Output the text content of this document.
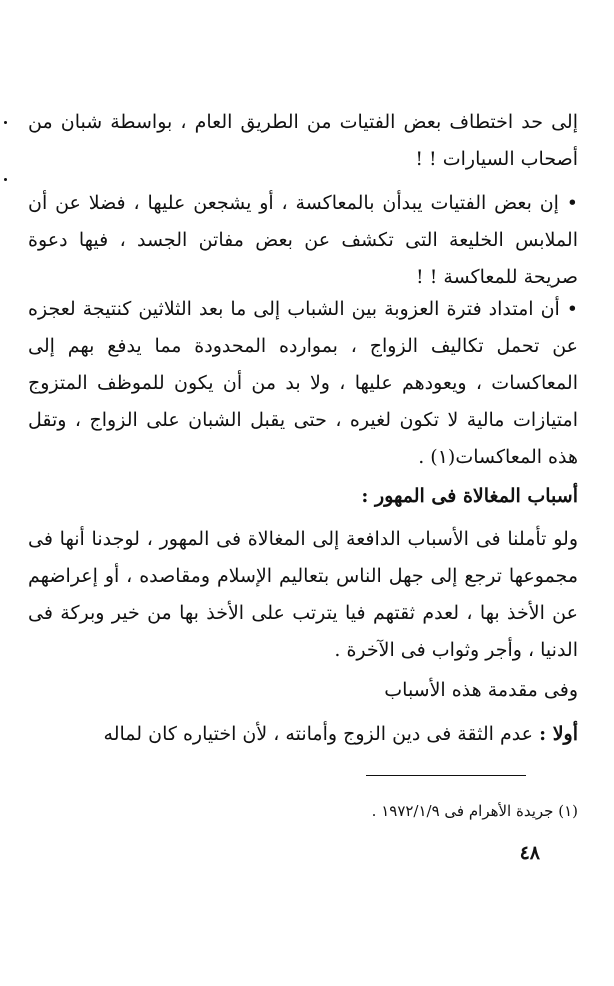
إلى حد اختطاف بعض الفتيات من الطريق العام ، بواسطة شبان من أصحاب السيارات ! !

• إن بعض الفتيات يبدأن بالمعاكسة ، أو يشجعن عليها ، فضلا عن أن الملابس الخليعة التى تكشف عن بعض مفاتن الجسد ، فيها دعوة صريحة للمعاكسة ! !

• أن امتداد فترة العزوبة بين الشباب إلى ما بعد الثلاثين كنتيجة لعجزه عن تحمل تكاليف الزواج ، بموارده المحدودة مما يدفع بهم إلى المعاكسات ، ويعودهم عليها ، ولا بد من أن يكون للموظف المتزوج امتيازات مالية لا تكون لغيره ، حتى يقبل الشبان على الزواج ، وتقل هذه المعاكسات(١) .

أسباب المغالاة فى المهور :

ولو تأملنا فى الأسباب الدافعة إلى المغالاة فى المهور ، لوجدنا أنها فى مجموعها ترجع إلى جهل الناس بتعاليم الإسلام ومقاصده ، أو إعراضهم عن الأخذ بها ، لعدم ثقتهم فيا يترتب على الأخذ بها من خير وبركة فى الدنيا ، وأجر وثواب فى الآخرة .

وفى مقدمة هذه الأسباب

أولا : عدم الثقة فى دين الزوج وأمانته ، لأن اختياره كان لماله

(١) جريدة الأهرام فى ١٩٧٢/١/٩ .
٤٨
